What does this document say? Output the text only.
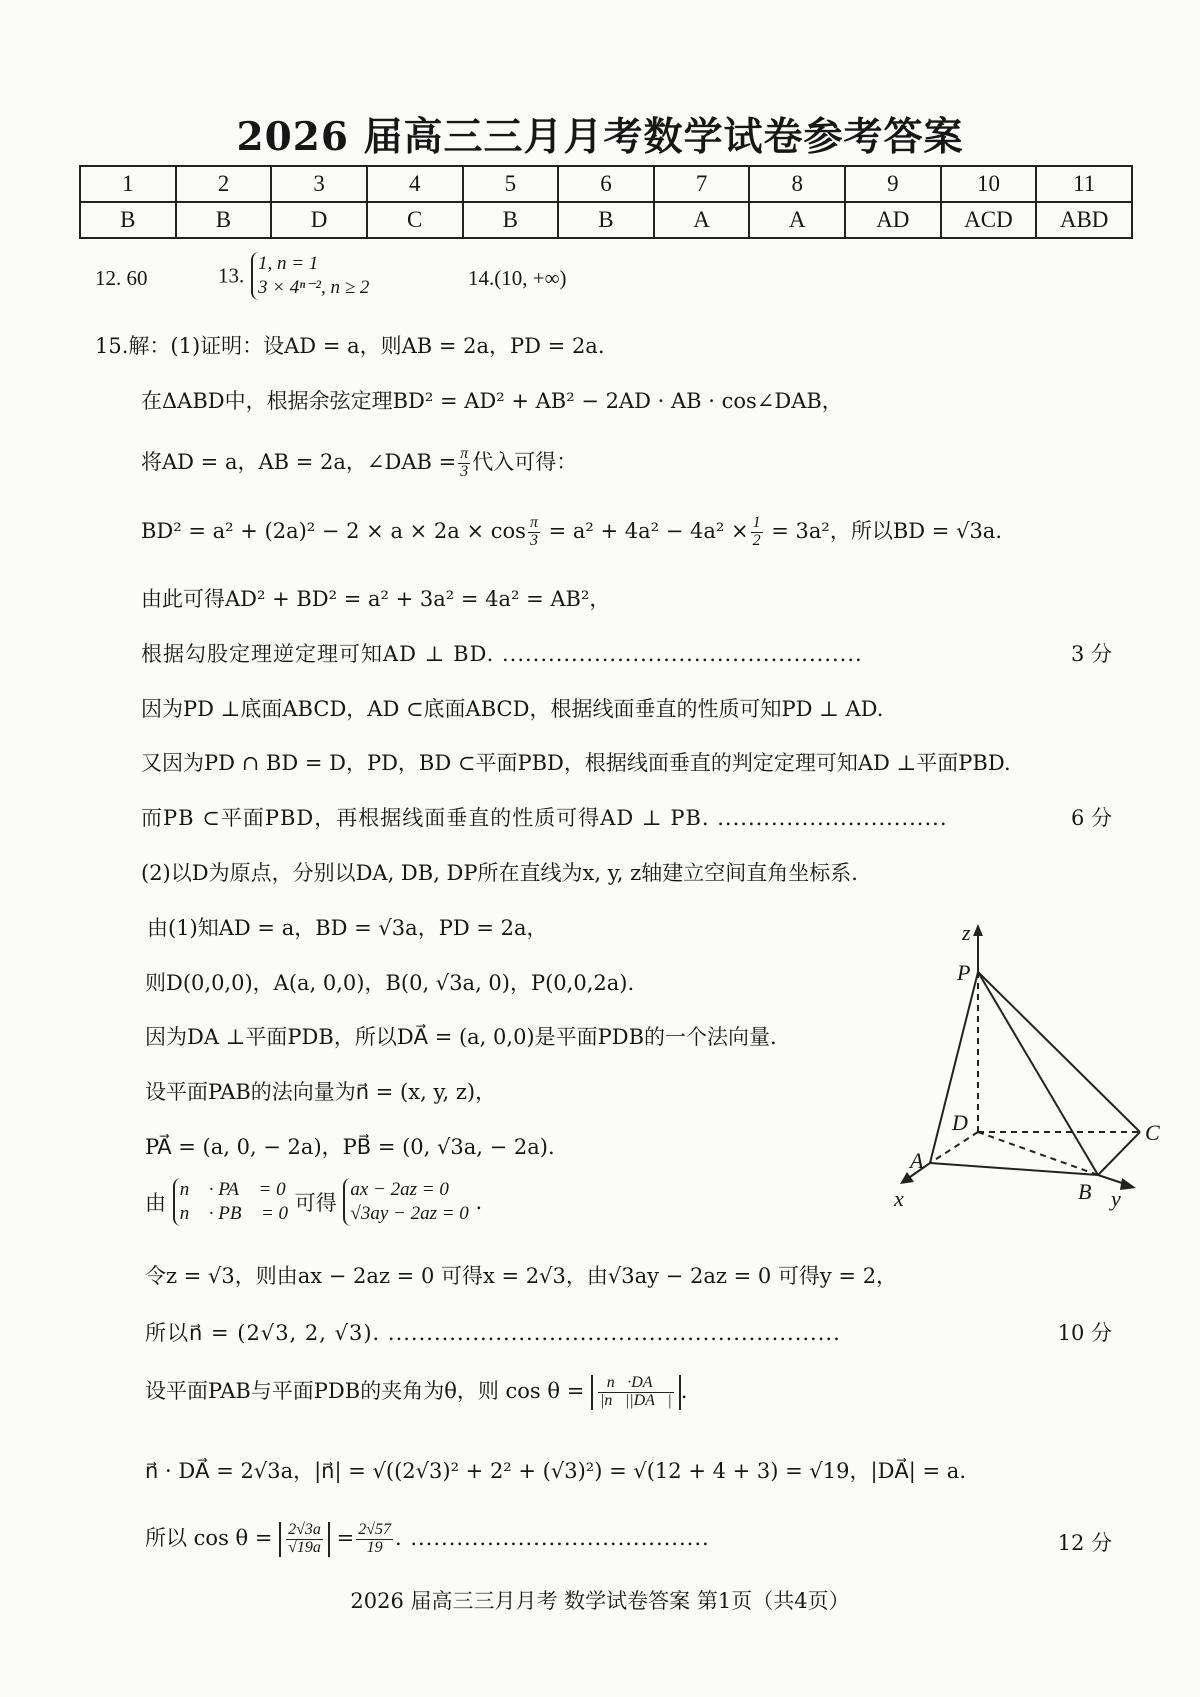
2026 届高三三月月考数学试卷参考答案
1	2	3	4	5	6	7	8	9	10	11
B	B	D	C	B	B	A	A	AD	ACD	ABD
12. 60	13. 1, n = 1
3 × 4ⁿ⁻², n ≥ 2	14.(10, +∞)
15.解：(1)证明：设AD = a，则AB = 2a，PD = 2a.
在ΔABD中，根据余弦定理BD² = AD² + AB² − 2AD · AB · cos∠DAB，
将AD = a，AB = 2a，∠DAB = $\frac{\pi}{3}$ 代入可得：
$BD^2 = a^2 + (2a)^2 - 2 \times a \times 2a \times \cos \frac{\pi}{3} = a^2 + 4a^2 - 4a^2 \times \frac{1}{2} = 3a^2$，所以BD = √3a.
由此可得AD² + BD² = a² + 3a² = 4a² = AB²，
根据勾股定理逆定理可知AD ⊥ BD. ...............................................	3 分
因为PD ⊥底面ABCD，AD ⊂底面ABCD，根据线面垂直的性质可知PD ⊥ AD.
又因为PD ∩ BD = D，PD，BD ⊂平面PBD，根据线面垂直的判定定理可知AD ⊥平面PBD.
而PB ⊂平面PBD，再根据线面垂直的性质可得AD ⊥ PB. ..............................	6 分
(2)以D为原点，分别以DA, DB, DP所在直线为x, y, z轴建立空间直角坐标系.
由(1)知AD = a，BD = √3a，PD = 2a，
则D(0,0,0)，A(a, 0,0)，B(0, √3a, 0)，P(0,0,2a).
因为DA ⊥平面PDB，所以DA⃗ = (a, 0,0)是平面PDB的一个法向量.
设平面PAB的法向量为n⃗ = (x, y, z)，
PA⃗ = (a, 0, − 2a)，PB⃗ = (0, √3a, − 2a).
由
n⃗ · PA⃗ = 0
n⃗ · PB⃗ = 0 可得
ax − 2az = 0
√3ay − 2az = 0 .
令z = √3，则由ax − 2az = 0 可得x = 2√3，由√3ay − 2az = 0 可得y = 2，
所以n⃗ = (2√3, 2, √3). ...........................................................	10 分
设平面PAB与平面PDB的夹角为θ，则 $\cos \theta = \frac{n⃗\cdot DA⃗}{|n⃗||DA⃗|}$ .
n⃗ · DA⃗ = 2√3a，|n⃗| = √((2√3)² + 2² + (√3)²) = √(12 + 4 + 3) = √19，|DA⃗| = a.
所以 $\cos \theta = \frac{2√3a}{√19a} = \frac{2√57}{19}$ . .......................................	12 分
z
P
D
A
B
C
x	y
2026 届高三三月月考 数学试卷答案 第1页（共4页）
